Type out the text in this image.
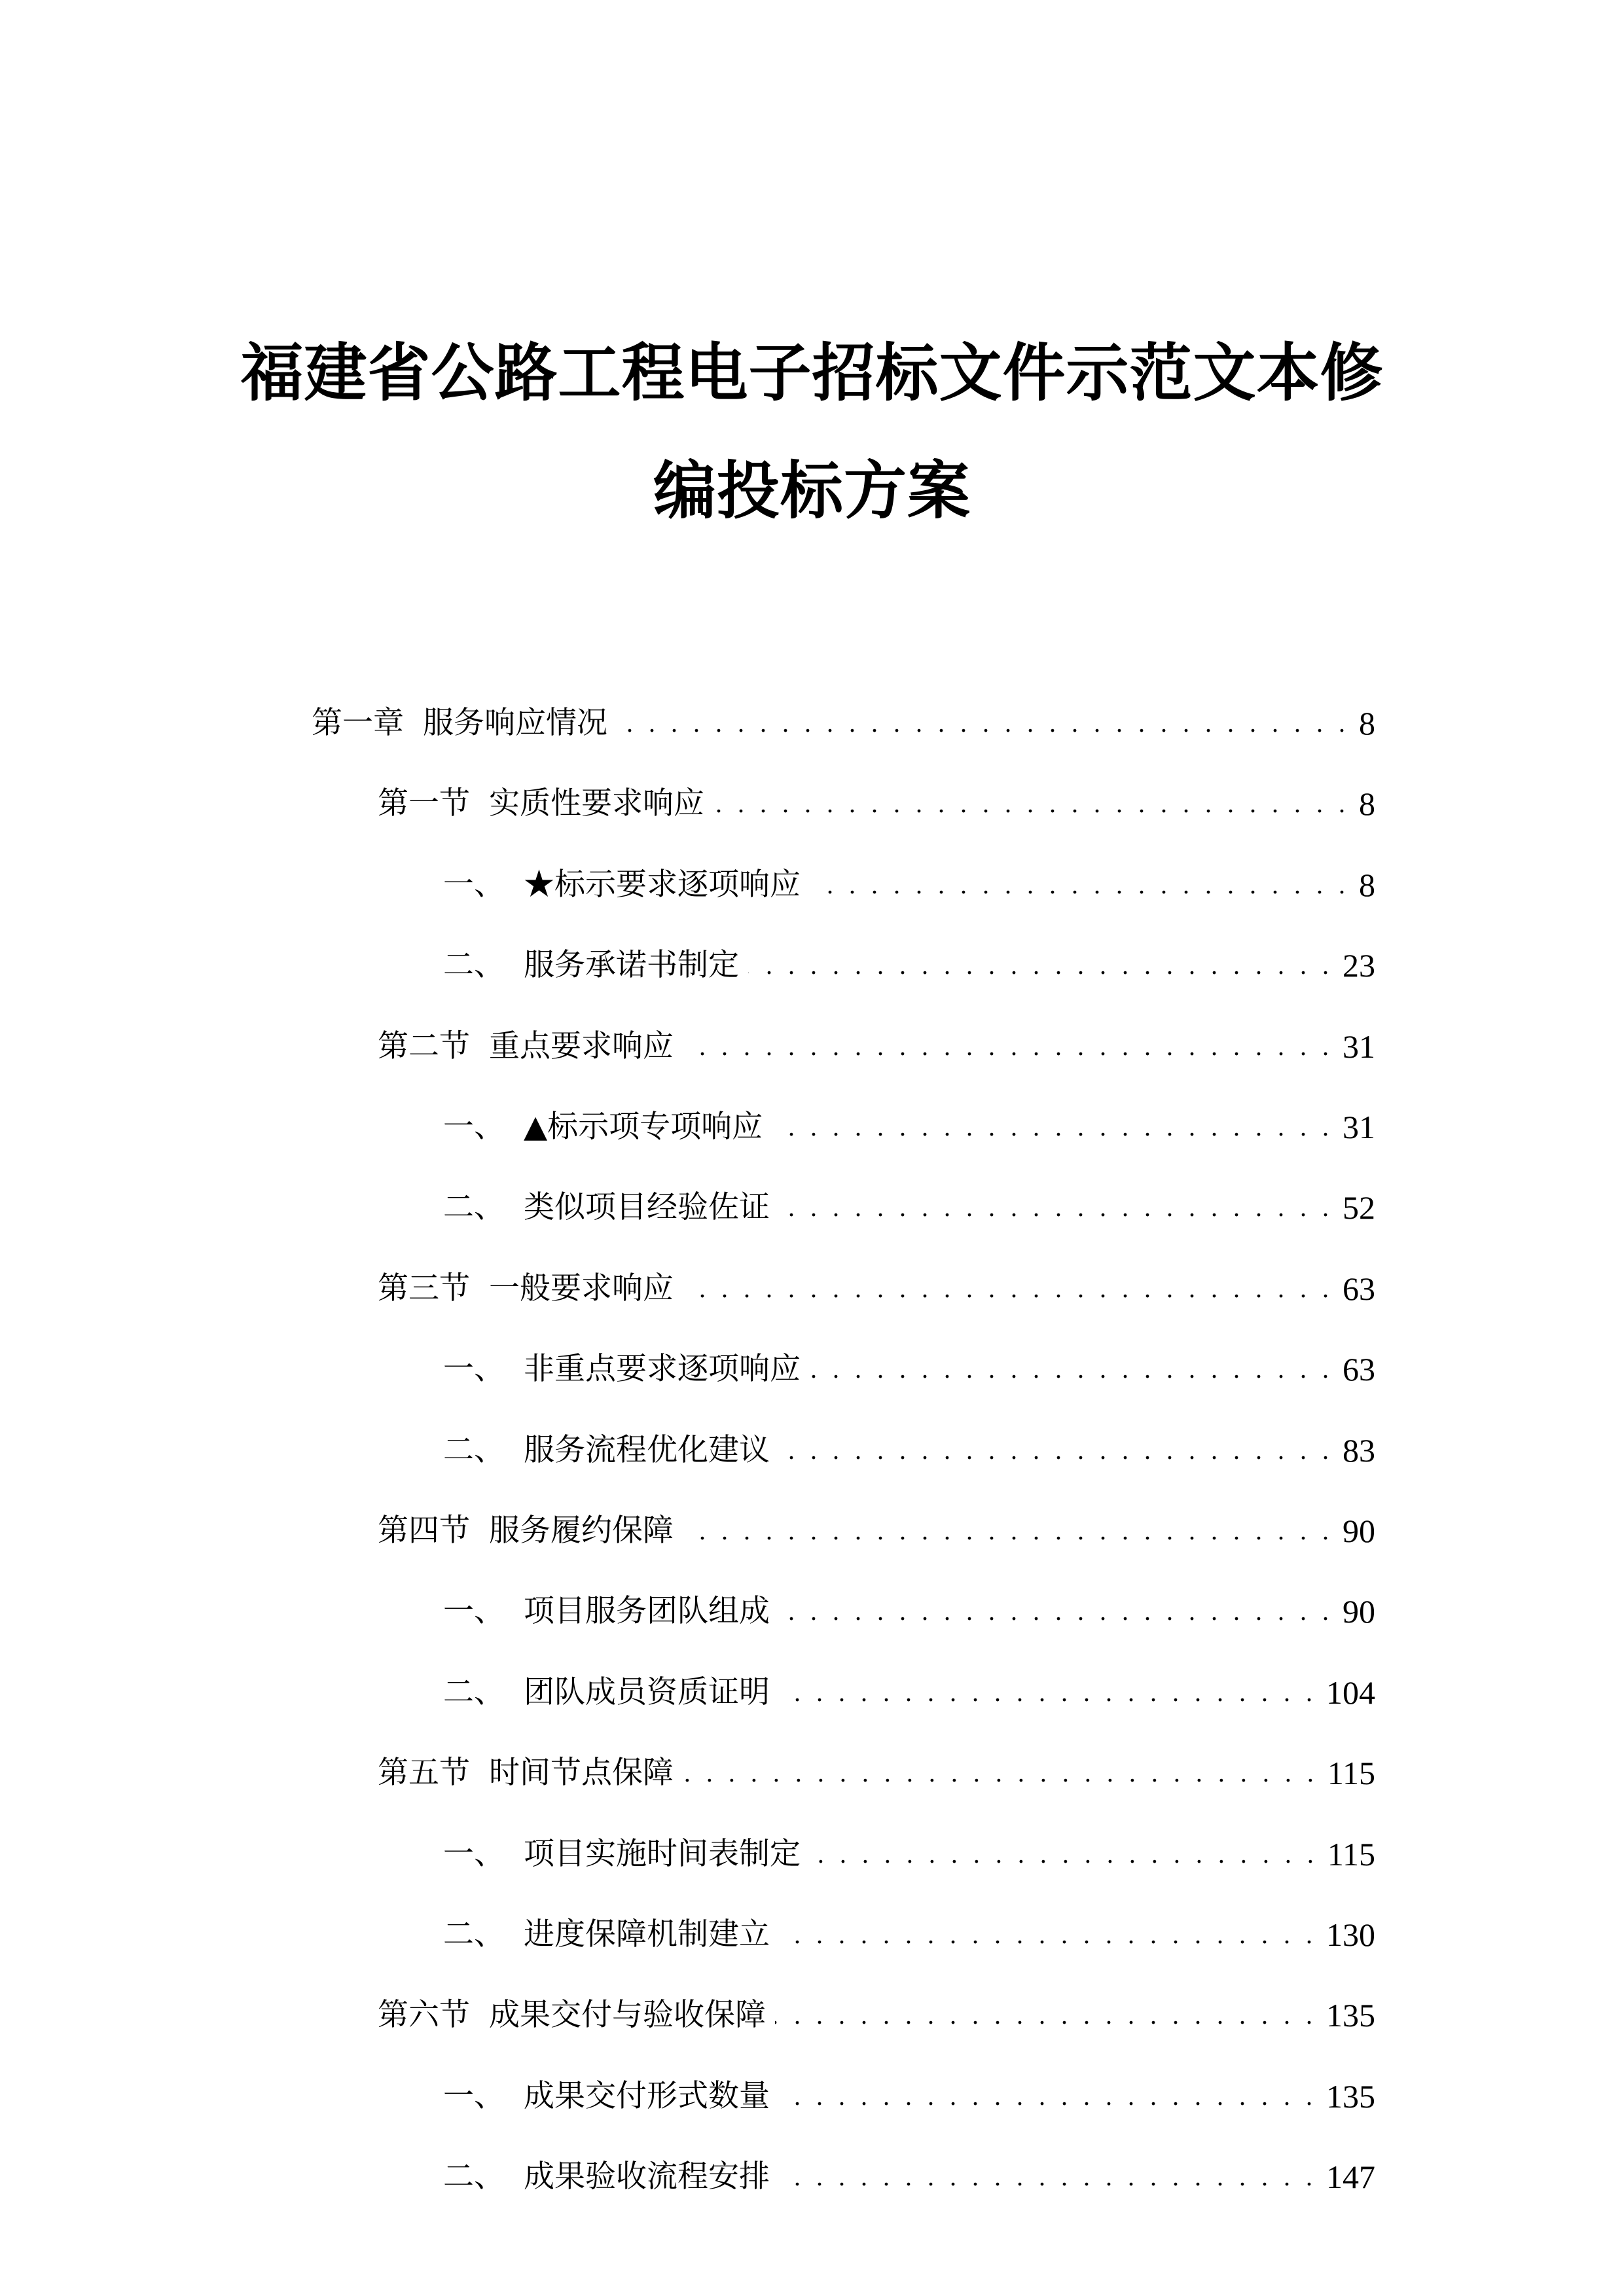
福建省公路工程电子招标文件示范文本修
编投标方案
第一章 服务响应情况 . . .	8
第一节 实质性要求响应 . . .	8
一、 ★标示要求逐项响应 . . .	8
二、 服务承诺书制定 . . .	23
第二节 重点要求响应 . . .	31
一、 ▲标示项专项响应 . . .	31
二、 类似项目经验佐证 . . .	52
第三节 一般要求响应 . . .	63
一、 非重点要求逐项响应 . . .	63
二、 服务流程优化建议 . . .	83
第四节 服务履约保障 . . .	90
一、 项目服务团队组成 . . .	90
二、 团队成员资质证明 . . .	104
第五节 时间节点保障 . . .	115
一、 项目实施时间表制定 . . .	115
二、 进度保障机制建立 . . .	130
第六节 成果交付与验收保障 . . .	135
一、 成果交付形式数量 . . .	135
二、 成果验收流程安排 . . .	147
